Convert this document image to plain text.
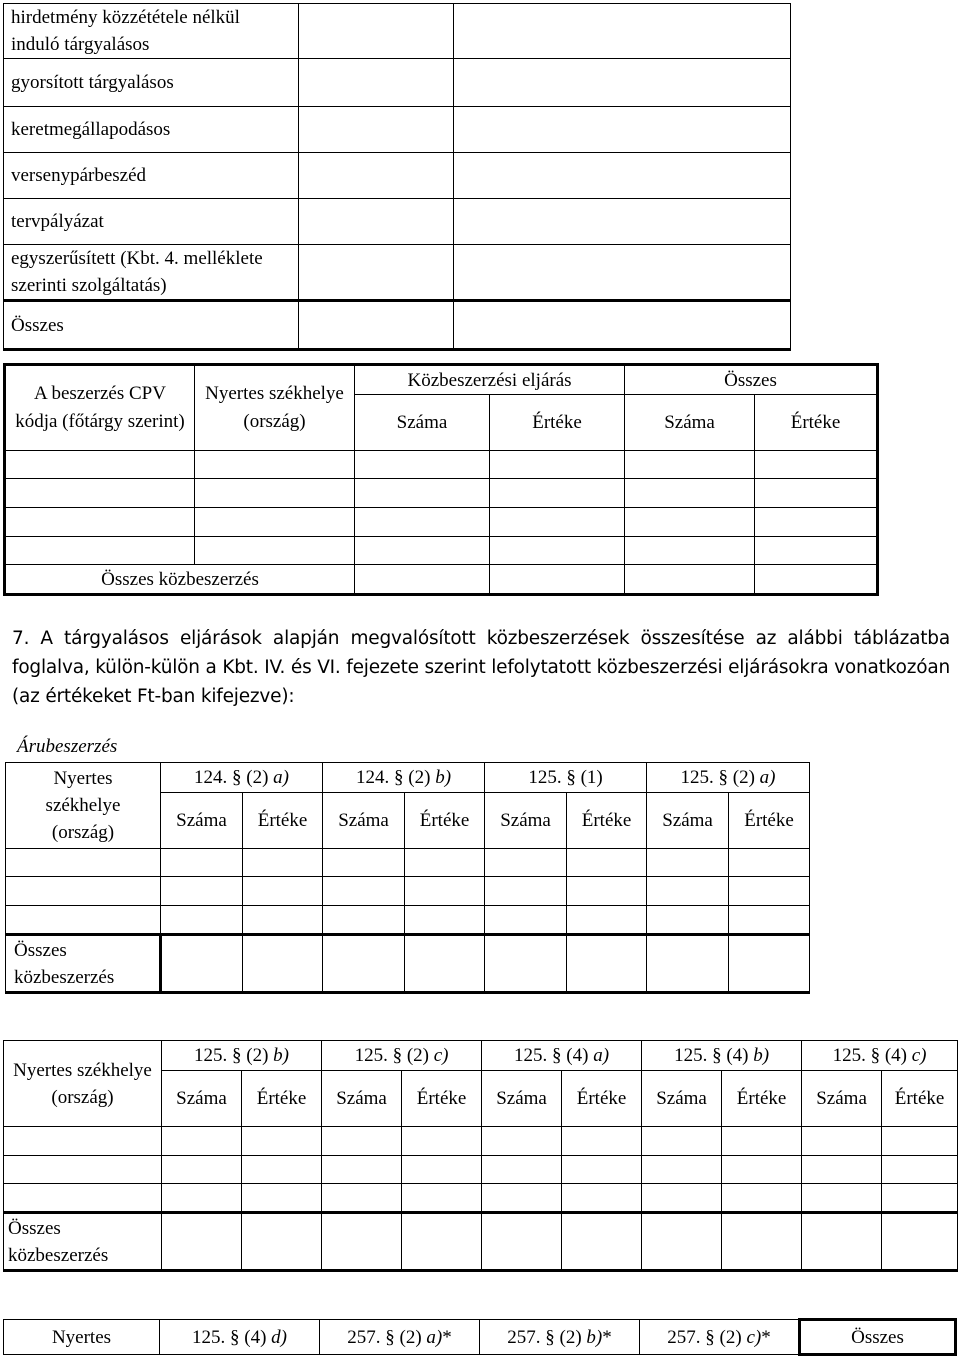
hirdetmény közzététele nélkül induló tárgyalásos		
gyorsított tárgyalásos		
keretmegállapodásos		
versenypárbeszéd		
tervpályázat		
egyszerűsített (Kbt. 4. melléklete szerinti szolgáltatás)		
Összes		
A beszerzés CPV kódja (főtárgy szerint)	Nyertes székhelye (ország)	Közbeszerzési eljárás		Összes	
		Száma	Értéke	Száma	Értéke

Összes közbeszerzés					
7. A tárgyalásos eljárások alapján megvalósított közbeszerzések összesítése az alábbi táblázatba foglalva, külön-külön a Kbt. IV. és VI. fejezete szerint lefolytatott közbeszerzési eljárásokra vonatkozóan (az értékeket Ft-ban kifejezve):
Árubeszerzés
Nyertes székhelye (ország)	124. § (2) a)		124. § (2) b)		125. § (1)		125. § (2) a)	
	Száma	Értéke	Száma	Értéke	Száma	Értéke	Száma	Értéke

Összes közbeszerzés								
Nyertes székhelye (ország)	125. § (2) b)		125. § (2) c)		125. § (4) a)		125. § (4) b)		125. § (4) c)	
	Száma	Értéke	Száma	Értéke	Száma	Értéke	Száma	Értéke	Száma	Értéke

Összes közbeszerzés										
Nyertes	125. § (4) d)	257. § (2) a)*	257. § (2) b)*	257. § (2) c)*	Összes
